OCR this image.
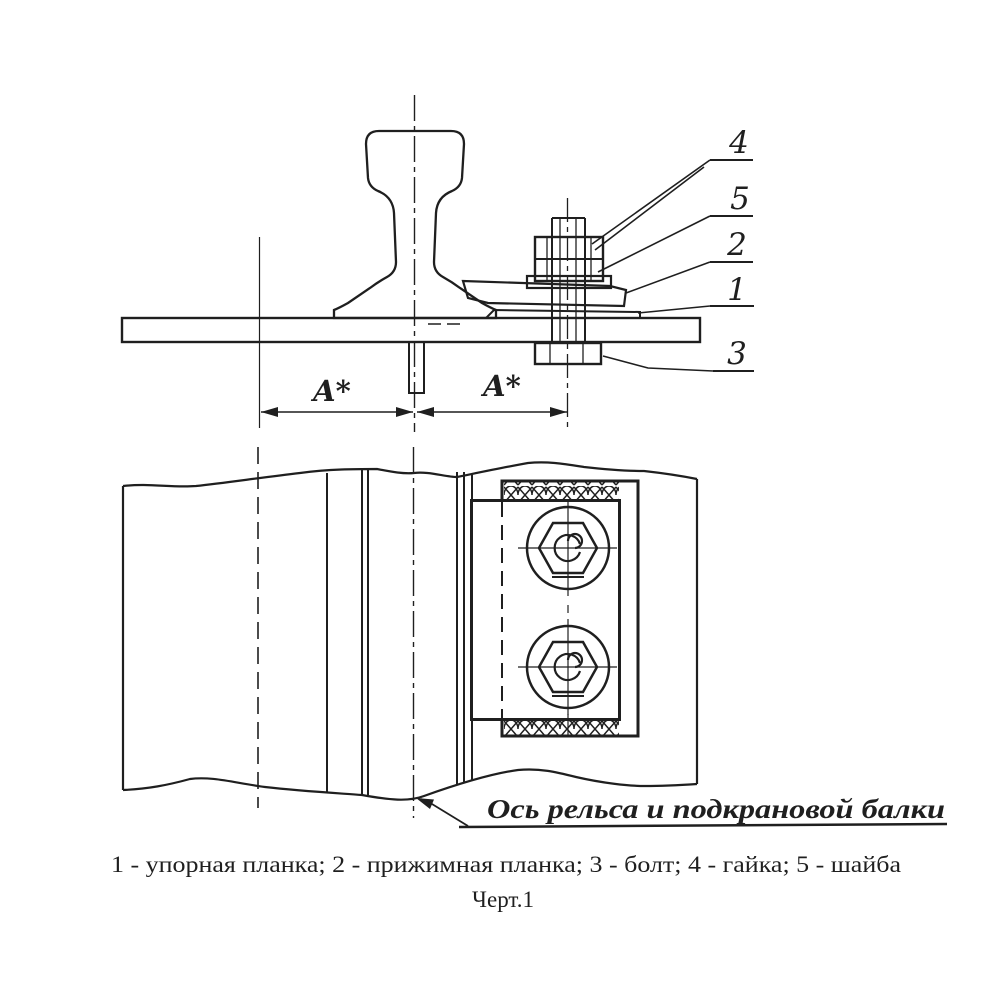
A*	A*
4
5
2
1
3
Ось рельса и подкрановой балки
1 - упорная планка; 2 - прижимная планка; 3 - болт; 4 - гайка; 5 - шайба
Черт.1
